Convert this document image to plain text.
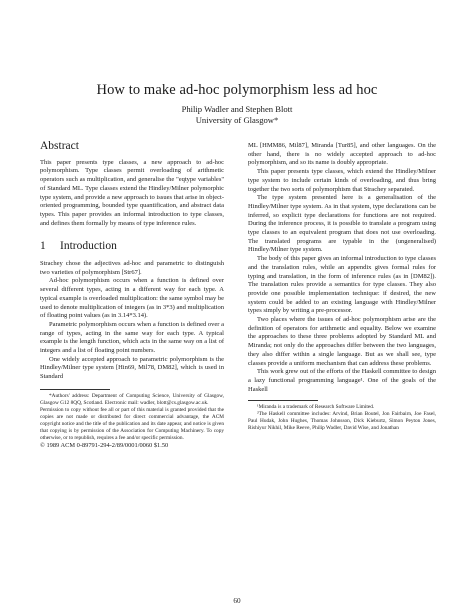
How to make ad-hoc polymorphism less ad hoc
Philip Wadler and Stephen Blott
University of Glasgow*
Abstract

This paper presents type classes, a new approach to ad-hoc polymorphism. Type classes permit overloading of arithmetic operators such as multiplication, and generalise the "eqtype variables" of Standard ML. Type classes extend the Hindley/Milner polymorphic type system, and provide a new approach to issues that arise in object-oriented programming, bounded type quantification, and abstract data types. This paper provides an informal introduction to type classes, and defines them formally by means of type inference rules.

1 Introduction

Strachey chose the adjectives ad-hoc and parametric to distinguish two varieties of polymorphism [Str67].

Ad-hoc polymorphism occurs when a function is defined over several different types, acting in a different way for each type. A typical example is overloaded multiplication: the same symbol may be used to denote multiplication of integers (as in 3*3) and multiplication of floating point values (as in 3.14*3.14).

Parametric polymorphism occurs when a function is defined over a range of types, acting in the same way for each type. A typical example is the length function, which acts in the same way on a list of integers and a list of floating point numbers.

One widely accepted approach to parametric polymorphism is the Hindley/Milner type system [Hin69, Mil78, DM82], which is used in Standard

*Authors' address: Department of Computing Science, University of Glasgow, Glasgow G12 8QQ, Scotland. Electronic mail: wadler, blott@cs.glasgow.ac.uk.

Permission to copy without fee all or part of this material is granted provided that the copies are not made or distributed for direct commercial advantage, the ACM copyright notice and the title of the publication and its date appear, and notice is given that copying is by permission of the Association for Computing Machinery. To copy otherwise, or to republish, requires a fee and/or specific permission.

© 1989 ACM 0-89791-294-2/89/0001/0060 $1.50

ML [HMM86, Mil87], Miranda [Tur85], and other languages. On the other hand, there is no widely accepted approach to ad-hoc polymorphism, and so its name is doubly appropriate.

This paper presents type classes, which extend the Hindley/Milner type system to include certain kinds of overloading, and thus bring together the two sorts of polymorphism that Strachey separated.

The type system presented here is a generalisation of the Hindley/Milner type system. As in that system, type declarations can be inferred, so explicit type declarations for functions are not required. During the inference process, it is possible to translate a program using type classes to an equivalent program that does not use overloading. The translated programs are typable in the (ungeneralised) Hindley/Milner type system.

The body of this paper gives an informal introduction to type classes and the translation rules, while an appendix gives formal rules for typing and translation, in the form of inference rules (as in [DM82]). The translation rules provide a semantics for type classes. They also provide one possible implementation technique: if desired, the new system could be added to an existing language with Hindley/Milner types simply by writing a pre-processor.

Two places where the issues of ad-hoc polymorphism arise are the definition of operators for arithmetic and equality. Below we examine the approaches to these three problems adopted by Standard ML and Miranda; not only do the approaches differ between the two languages, they also differ within a single language. But as we shall see, type classes provide a uniform mechanism that can address these problems.

This work grew out of the efforts of the Haskell committee to design a lazy functional programming language¹. One of the goals of the Haskell

¹Miranda is a trademark of Research Software Limited.

²The Haskell committee includes: Arvind, Brian Boutel, Jon Fairbairn, Joe Fasel, Paul Hudak, John Hughes, Thomas Johnsson, Dick Kieburtz, Simon Peyton Jones, Rishiyur Nikhil, Mike Reeve, Philip Wadler, David Wise, and Jonathan

60
